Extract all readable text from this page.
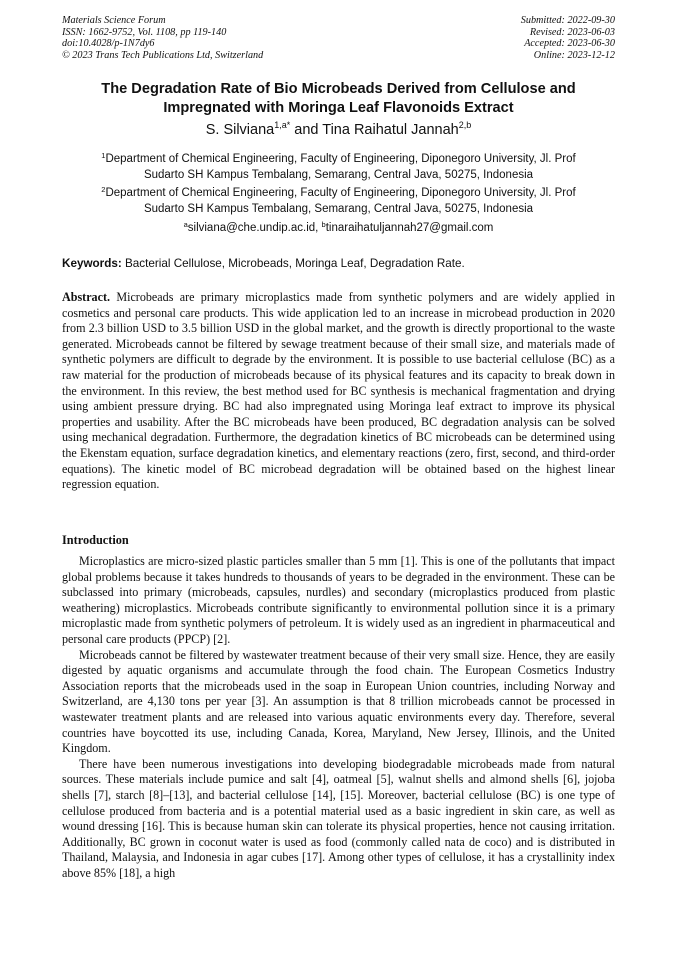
Materials Science Forum
ISSN: 1662-9752, Vol. 1108, pp 119-140
doi:10.4028/p-1N7dy6
© 2023 Trans Tech Publications Ltd, Switzerland
Submitted: 2022-09-30
Revised: 2023-06-03
Accepted: 2023-06-30
Online: 2023-12-12
The Degradation Rate of Bio Microbeads Derived from Cellulose and
Impregnated with Moringa Leaf Flavonoids Extract
S. Silviana$^{1,a*}$ and Tina Raihatul Jannah$^{2,b}$
$^1$Department of Chemical Engineering, Faculty of Engineering, Diponegoro University, Jl. Prof
Sudarto SH Kampus Tembalang, Semarang, Central Java, 50275, Indonesia
$^2$Department of Chemical Engineering, Faculty of Engineering, Diponegoro University, Jl. Prof
Sudarto SH Kampus Tembalang, Semarang, Central Java, 50275, Indonesia
$^a$silviana@che.undip.ac.id, $^b$tinaraihatuljannah27@gmail.com
Keywords: Bacterial Cellulose, Microbeads, Moringa Leaf, Degradation Rate.

Abstract. Microbeads are primary microplastics made from synthetic polymers and are widely applied in cosmetics and personal care products. This wide application led to an increase in microbead production in 2020 from 2.3 billion USD to 3.5 billion USD in the global market, and the growth is directly proportional to the waste generated. Microbeads cannot be filtered by sewage treatment because of their small size, and materials made of synthetic polymers are difficult to degrade by the environment. It is possible to use bacterial cellulose (BC) as a raw material for the production of microbeads because of its physical features and its capacity to break down in the environment. In this review, the best method used for BC synthesis is mechanical fragmentation and drying using ambient pressure drying. BC had also impregnated using Moringa leaf extract to improve its physical properties and usability. After the BC microbeads have been produced, BC degradation analysis can be solved using mechanical degradation. Furthermore, the degradation kinetics of BC microbeads can be determined using the Ekenstam equation, surface degradation kinetics, and elementary reactions (zero, first, second, and third-order equations). The kinetic model of BC microbead degradation will be obtained based on the highest linear regression equation.

Introduction

Microplastics are micro-sized plastic particles smaller than 5 mm [1]. This is one of the pollutants that impact global problems because it takes hundreds to thousands of years to be degraded in the environment. These can be subclassed into primary (microbeads, capsules, nurdles) and secondary (microplastics produced from plastic weathering) microplastics. Microbeads contribute significantly to environmental pollution since it is a primary microplastic made from synthetic polymers of petroleum. It is widely used as an ingredient in pharmaceutical and personal care products (PPCP) [2].

Microbeads cannot be filtered by wastewater treatment because of their very small size. Hence, they are easily digested by aquatic organisms and accumulate through the food chain. The European Cosmetics Industry Association reports that the microbeads used in the soap in European Union countries, including Norway and Switzerland, are 4,130 tons per year [3]. An assumption is that 8 trillion microbeads cannot be processed in wastewater treatment plants and are released into various aquatic environments every day. Therefore, several countries have boycotted its use, including Canada, Korea, Maryland, New Jersey, Illinois, and the United Kingdom.

There have been numerous investigations into developing biodegradable microbeads made from natural sources. These materials include pumice and salt [4], oatmeal [5], walnut shells and almond shells [6], jojoba shells [7], starch [8]–[13], and bacterial cellulose [14], [15]. Moreover, bacterial cellulose (BC) is one type of cellulose produced from bacteria and is a potential material used as a basic ingredient in skin care, as well as wound dressing [16]. This is because human skin can tolerate its physical properties, hence not causing irritation. Additionally, BC grown in coconut water is used as food (commonly called nata de coco) and is distributed in Thailand, Malaysia, and Indonesia in agar cubes [17]. Among other types of cellulose, it has a crystallinity index above 85% [18], a high
